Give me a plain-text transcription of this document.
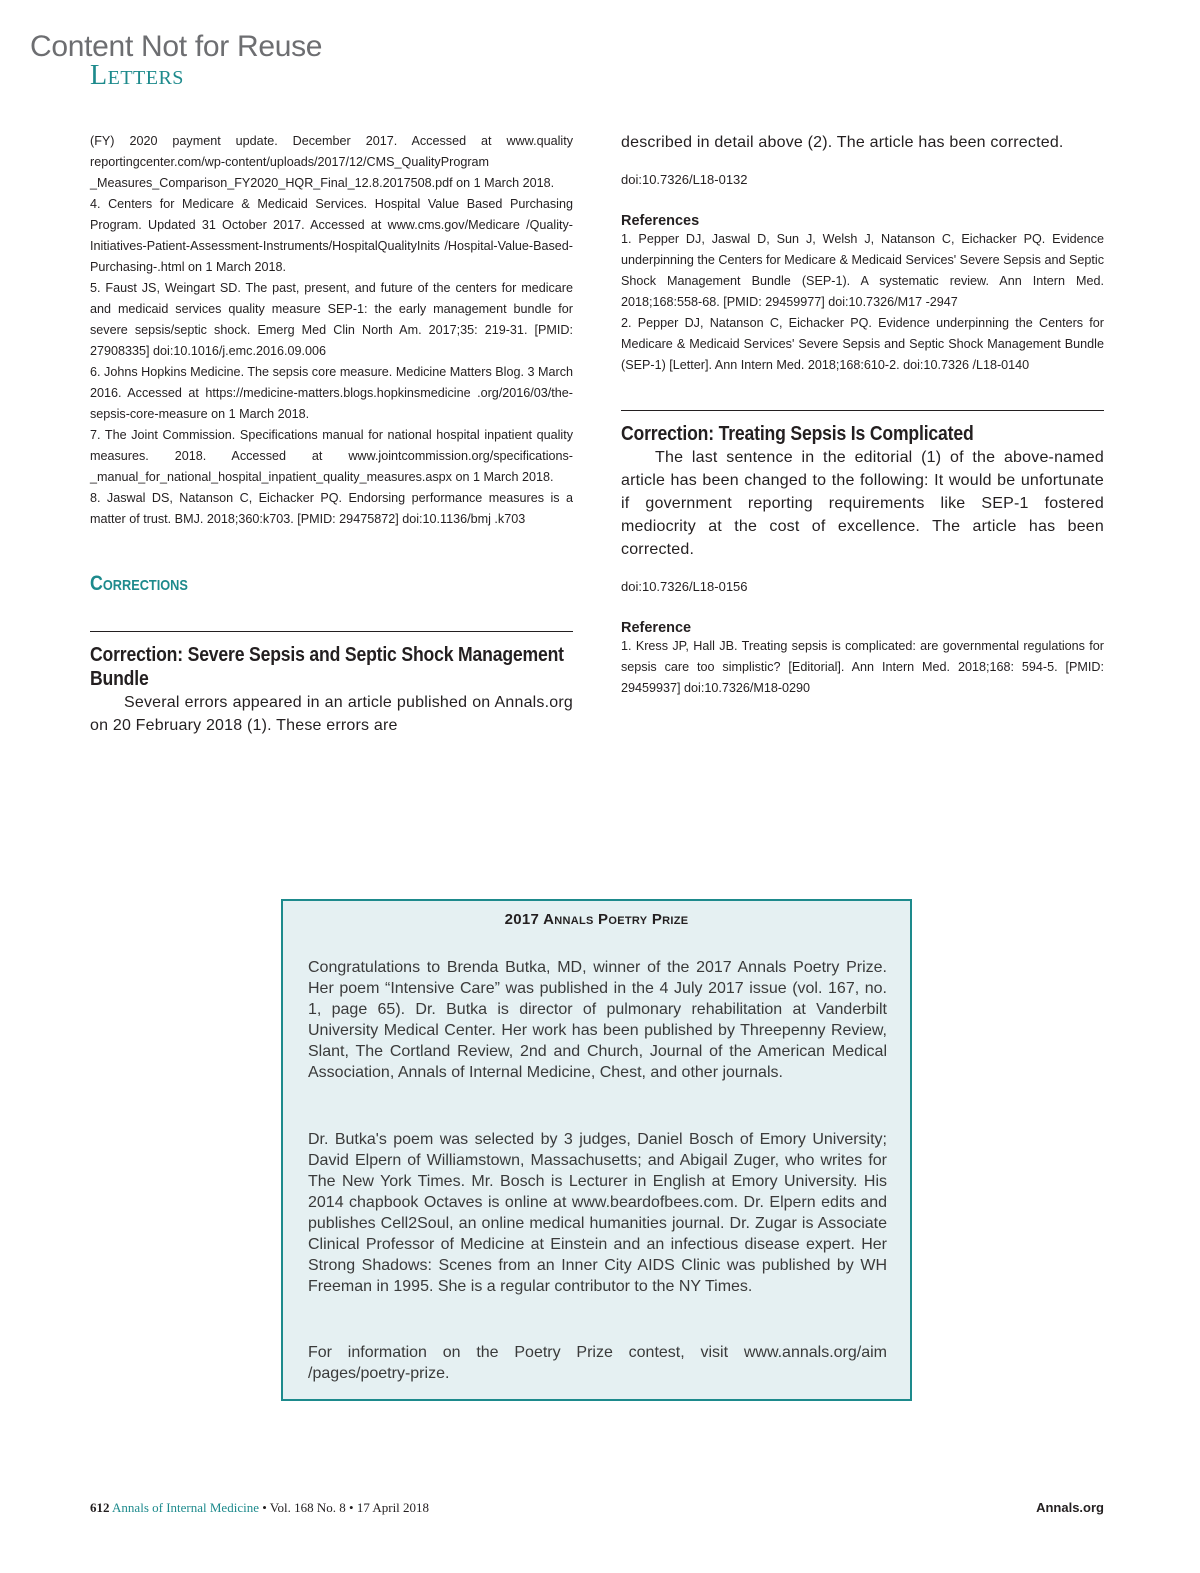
Content Not for Reuse
Letters

(FY) 2020 payment update. December 2017. Accessed at www.quality reportingcenter.com/wp-content/uploads/2017/12/CMS_QualityProgram _Measures_Comparison_FY2020_HQR_Final_12.8.2017508.pdf on 1 March 2018.

4. Centers for Medicare & Medicaid Services. Hospital Value Based Purchasing Program. Updated 31 October 2017. Accessed at www.cms.gov/Medicare /Quality-Initiatives-Patient-Assessment-Instruments/HospitalQualityInits /Hospital-Value-Based-Purchasing-.html on 1 March 2018.

5. Faust JS, Weingart SD. The past, present, and future of the centers for medicare and medicaid services quality measure SEP-1: the early management bundle for severe sepsis/septic shock. Emerg Med Clin North Am. 2017;35: 219-31. [PMID: 27908335] doi:10.1016/j.emc.2016.09.006

6. Johns Hopkins Medicine. The sepsis core measure. Medicine Matters Blog. 3 March 2016. Accessed at https://medicine-matters.blogs.hopkinsmedicine .org/2016/03/the-sepsis-core-measure on 1 March 2018.

7. The Joint Commission. Specifications manual for national hospital inpatient quality measures. 2018. Accessed at www.jointcommission.org/specifications- _manual_for_national_hospital_inpatient_quality_measures.aspx on 1 March 2018.

8. Jaswal DS, Natanson C, Eichacker PQ. Endorsing performance measures is a matter of trust. BMJ. 2018;360:k703. [PMID: 29475872] doi:10.1136/bmj .k703

Corrections

Correction: Severe Sepsis and Septic Shock Management Bundle

Several errors appeared in an article published on Annals.org on 20 February 2018 (1). These errors are

described in detail above (2). The article has been corrected.

doi:10.7326/L18-0132

References

1. Pepper DJ, Jaswal D, Sun J, Welsh J, Natanson C, Eichacker PQ. Evidence underpinning the Centers for Medicare & Medicaid Services' Severe Sepsis and Septic Shock Management Bundle (SEP-1). A systematic review. Ann Intern Med. 2018;168:558-68. [PMID: 29459977] doi:10.7326/M17 -2947

2. Pepper DJ, Natanson C, Eichacker PQ. Evidence underpinning the Centers for Medicare & Medicaid Services' Severe Sepsis and Septic Shock Management Bundle (SEP-1) [Letter]. Ann Intern Med. 2018;168:610-2. doi:10.7326 /L18-0140

Correction: Treating Sepsis Is Complicated

The last sentence in the editorial (1) of the above-named article has been changed to the following: It would be unfortunate if government reporting requirements like SEP-1 fostered mediocrity at the cost of excellence. The article has been corrected.

doi:10.7326/L18-0156

Reference

1. Kress JP, Hall JB. Treating sepsis is complicated: are governmental regulations for sepsis care too simplistic? [Editorial]. Ann Intern Med. 2018;168: 594-5. [PMID: 29459937] doi:10.7326/M18-0290

2017 Annals Poetry Prize

Congratulations to Brenda Butka, MD, winner of the 2017 Annals Poetry Prize. Her poem “Intensive Care” was published in the 4 July 2017 issue (vol. 167, no. 1, page 65). Dr. Butka is director of pulmonary rehabilitation at Vanderbilt University Medical Center. Her work has been published by Threepenny Review, Slant, The Cortland Review, 2nd and Church, Journal of the American Medical Association, Annals of Internal Medicine, Chest, and other journals.

Dr. Butka's poem was selected by 3 judges, Daniel Bosch of Emory University; David Elpern of Williamstown, Massachusetts; and Abigail Zuger, who writes for The New York Times. Mr. Bosch is Lecturer in English at Emory University. His 2014 chapbook Octaves is online at www.beardofbees.com. Dr. Elpern edits and publishes Cell2Soul, an online medical humanities journal. Dr. Zugar is Associate Clinical Professor of Medicine at Einstein and an infectious disease expert. Her Strong Shadows: Scenes from an Inner City AIDS Clinic was published by WH Freeman in 1995. She is a regular contributor to the NY Times.

For information on the Poetry Prize contest, visit www.annals.org/aim /pages/poetry-prize.

612 Annals of Internal Medicine • Vol. 168 No. 8 • 17 April 2018	Annals.org
